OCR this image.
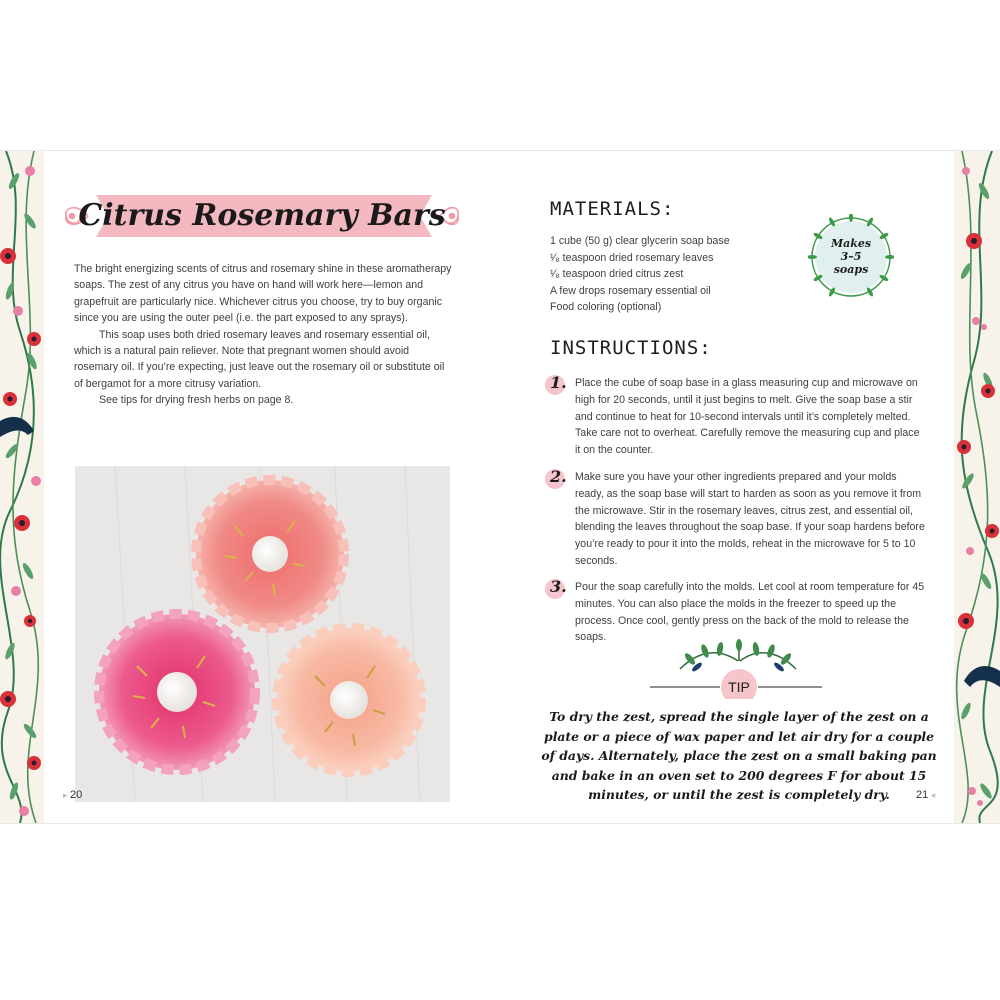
Citrus Rosemary Bars

The bright energizing scents of citrus and rosemary shine in these aromatherapy soaps. The zest of any citrus you have on hand will work here—lemon and grapefruit are particularly nice. Whichever citrus you choose, try to buy organic since you are using the outer peel (i.e. the part exposed to any sprays).

This soap uses both dried rosemary leaves and rosemary essential oil, which is a natural pain reliever. Note that pregnant women should avoid rosemary oil. If you’re expecting, just leave out the rosemary oil or substitute oil of bergamot for a more citrusy variation.

See tips for drying fresh herbs on page 8.

▸ 20
MATERIALS:
1 cube (50 g) clear glycerin soap base
¹⁄₈ teaspoon dried rosemary leaves
¹⁄₈ teaspoon dried citrus zest
A few drops rosemary essential oil
Food coloring (optional)
Makes
3–5
soaps
INSTRUCTIONS:
1. Place the cube of soap base in a glass measuring cup and microwave on high for 20 seconds, until it just begins to melt. Give the soap base a stir and continue to heat for 10-second intervals until it’s completely melted. Take care not to overheat. Carefully remove the measuring cup and place it on the counter.
2. Make sure you have your other ingredients prepared and your molds ready, as the soap base will start to harden as soon as you remove it from the microwave. Stir in the rosemary leaves, citrus zest, and essential oil, blending the leaves throughout the soap base. If your soap hardens before you’re ready to pour it into the molds, reheat in the microwave for 5 to 10 seconds.
3. Pour the soap carefully into the molds. Let cool at room temperature for 45 minutes. You can also place the molds in the freezer to speed up the process. Once cool, gently press on the back of the mold to release the soaps.
TIP
To dry the zest, spread the single layer of the zest on a plate or a piece of wax paper and let air dry for a couple of days. Alternately, place the zest on a small baking pan and bake in an oven set to 200 degrees F for about 15 minutes, or until the zest is completely dry.	21 ◂
